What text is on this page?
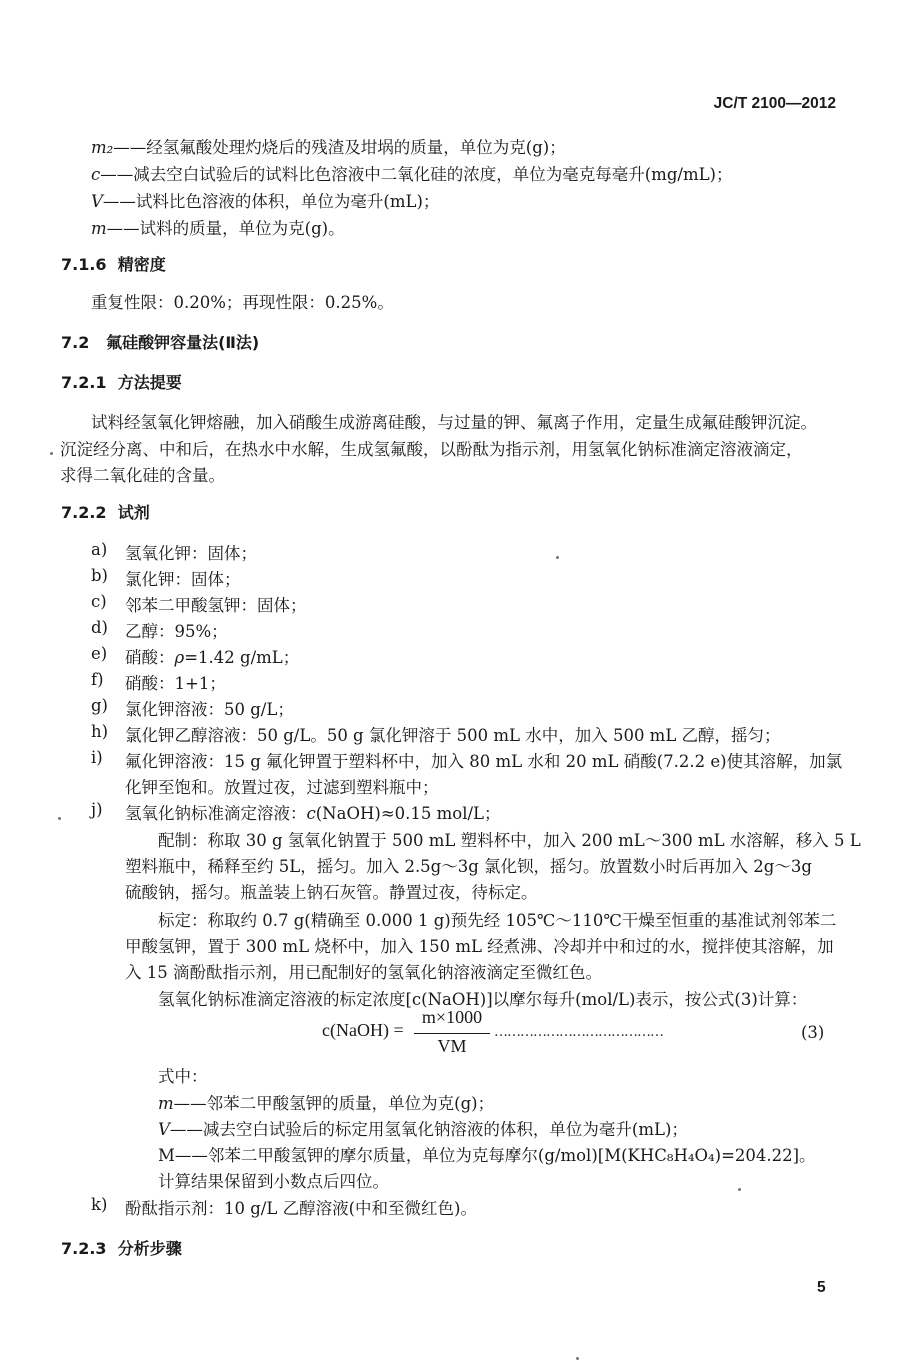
JC/T 2100—2012
m₂——经氢氟酸处理灼烧后的残渣及坩埚的质量，单位为克(g)；
c——减去空白试验后的试料比色溶液中二氧化硅的浓度，单位为毫克每毫升(mg/mL)；
V——试料比色溶液的体积，单位为毫升(mL)；
m——试料的质量，单位为克(g)。
7.1.6 精密度
重复性限：0.20%；再现性限：0.25%。
7.2 氟硅酸钾容量法(Ⅱ法)
7.2.1 方法提要
试料经氢氧化钾熔融，加入硝酸生成游离硅酸，与过量的钾、氟离子作用，定量生成氟硅酸钾沉淀。
沉淀经分离、中和后，在热水中水解，生成氢氟酸，以酚酞为指示剂，用氢氧化钠标准滴定溶液滴定，
求得二氧化硅的含量。
7.2.2 试剂
a) 氢氧化钾：固体；
b) 氯化钾：固体；
c) 邻苯二甲酸氢钾：固体；
d) 乙醇：95%；
e) 硝酸：ρ=1.42 g/mL；
f) 硝酸：1+1；
g) 氯化钾溶液：50 g/L；
h) 氯化钾乙醇溶液：50 g/L。50 g 氯化钾溶于 500 mL 水中，加入 500 mL 乙醇，摇匀；
i) 氟化钾溶液：15 g 氟化钾置于塑料杯中，加入 80 mL 水和 20 mL 硝酸(7.2.2 e)使其溶解，加氯
化钾至饱和。放置过夜，过滤到塑料瓶中；
j) 氢氧化钠标准滴定溶液：c(NaOH)≈0.15 mol/L；
配制：称取 30 g 氢氧化钠置于 500 mL 塑料杯中，加入 200 mL～300 mL 水溶解，移入 5 L
塑料瓶中，稀释至约 5L，摇匀。加入 2.5g～3g 氯化钡，摇匀。放置数小时后再加入 2g～3g
硫酸钠，摇匀。瓶盖装上钠石灰管。静置过夜，待标定。
标定：称取约 0.7 g(精确至 0.000 1 g)预先经 105℃～110℃干燥至恒重的基准试剂邻苯二
甲酸氢钾，置于 300 mL 烧杯中，加入 150 mL 经煮沸、冷却并中和过的水，搅拌使其溶解，加
入 15 滴酚酞指示剂，用已配制好的氢氧化钠溶液滴定至微红色。
氢氧化钠标准滴定溶液的标定浓度[c(NaOH)]以摩尔每升(mol/L)表示，按公式(3)计算：
c(NaOH) =
m×1000
VM
…………………………………	(3)
式中：
m——邻苯二甲酸氢钾的质量，单位为克(g)；
V——减去空白试验后的标定用氢氧化钠溶液的体积，单位为毫升(mL)；
M——邻苯二甲酸氢钾的摩尔质量，单位为克每摩尔(g/mol)[M(KHC₈H₄O₄)=204.22]。
计算结果保留到小数点后四位。
k) 酚酞指示剂：10 g/L 乙醇溶液(中和至微红色)。
7.2.3 分析步骤
5
